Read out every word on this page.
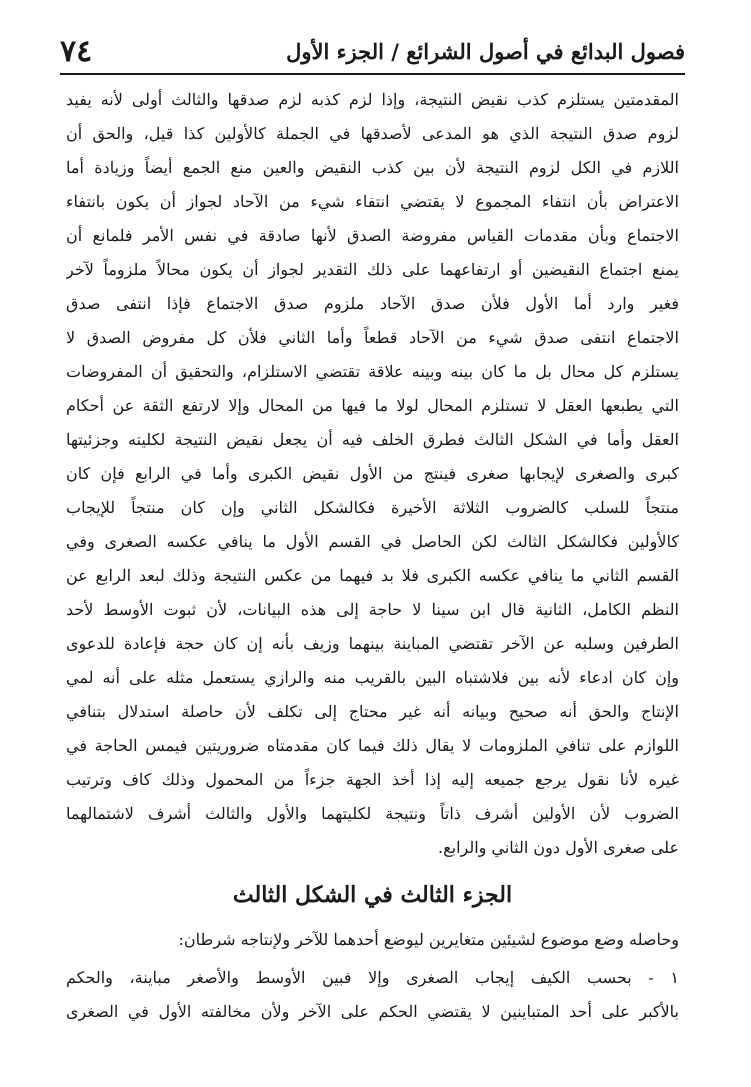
فصول البدائع في أصول الشرائع / الجزء الأول
٧٤
المقدمتين يستلزم كذب نقيض النتيجة، وإذا لزم كذبه لزم صدقها والثالث أولى لأنه يفيد
لزوم صدق النتيجة الذي هو المدعى لأصدقها في الجملة كالأولين كذا قيل، والحق أن
اللازم في الكل لزوم النتيجة لأن بين كذب النقيض والعين منع الجمع أيضاً وزيادة أما
الاعتراض بأن انتفاء المجموع لا يقتضي انتفاء شيء من الآحاد لجواز أن يكون بانتفاء
الاجتماع وبأن مقدمات القياس مفروضة الصدق لأنها صادقة في نفس الأمر فلمانع أن
يمنع اجتماع النقيضين أو ارتفاعهما على ذلك التقدير لجواز أن يكون محالاً ملزوماً لآخر
فغير وارد أما الأول فلأن صدق الآحاد ملزوم صدق الاجتماع فإذا انتفى صدق
الاجتماع انتفى صدق شيء من الآحاد قطعاً وأما الثاني فلأن كل مفروض الصدق لا
يستلزم كل محال بل ما كان بينه وبينه علاقة تقتضي الاستلزام، والتحقيق أن المفروضات
التي يطبعها العقل لا تستلزم المحال لولا ما فيها من المحال وإلا لارتفع الثقة عن أحكام
العقل وأما في الشكل الثالث فطرق الخلف فيه أن يجعل نقيض النتيجة لكليته وجزئيتها
كبرى والصغرى لإيجابها صغرى فينتج من الأول نقيض الكبرى وأما في الرابع فإن كان
منتجاً للسلب كالضروب الثلاثة الأخيرة فكالشكل الثاني وإن كان منتجاً للإيجاب
كالأولين فكالشكل الثالث لكن الحاصل في القسم الأول ما ينافي عكسه الصغرى وفي
القسم الثاني ما ينافي عكسه الكبرى فلا بد فيهما من عكس النتيجة وذلك لبعد الرابع عن
النظم الكامل، الثانية قال ابن سينا لا حاجة إلى هذه البيانات، لأن ثبوت الأوسط لأحد
الطرفين وسلبه عن الآخر تقتضي المباينة بينهما وزيف بأنه إن كان حجة فإعادة للدعوى
وإن كان ادعاء لأنه بين فلاشتباه البين بالقريب منه والرازي يستعمل مثله على أنه لمي
الإنتاج والحق أنه صحيح وبيانه أنه غير محتاج إلى تكلف لأن حاصلة استدلال بتنافي
اللوازم على تنافي الملزومات لا يقال ذلك فيما كان مقدمتاه ضروريتين فيمس الحاجة في
غيره لأنا نقول يرجع جميعه إليه إذا أخذ الجهة جزءاً من المحمول وذلك كاف وترتيب
الضروب لأن الأولين أشرف ذاتاً ونتيجة لكليتهما والأول والثالث أشرف لاشتمالهما
على صغرى الأول دون الثاني والرابع.
الجزء الثالث في الشكل الثالث
وحاصله وضع موضوع لشيئين متغايرين ليوضع أحدهما للآخر ولإنتاجه شرطان:
١ - بحسب الكيف إيجاب الصغرى وإلا فبين الأوسط والأصغر مباينة، والحكم
بالأكبر على أحد المتباينين لا يقتضي الحكم على الآخر ولأن مخالفته الأول في الصغرى
